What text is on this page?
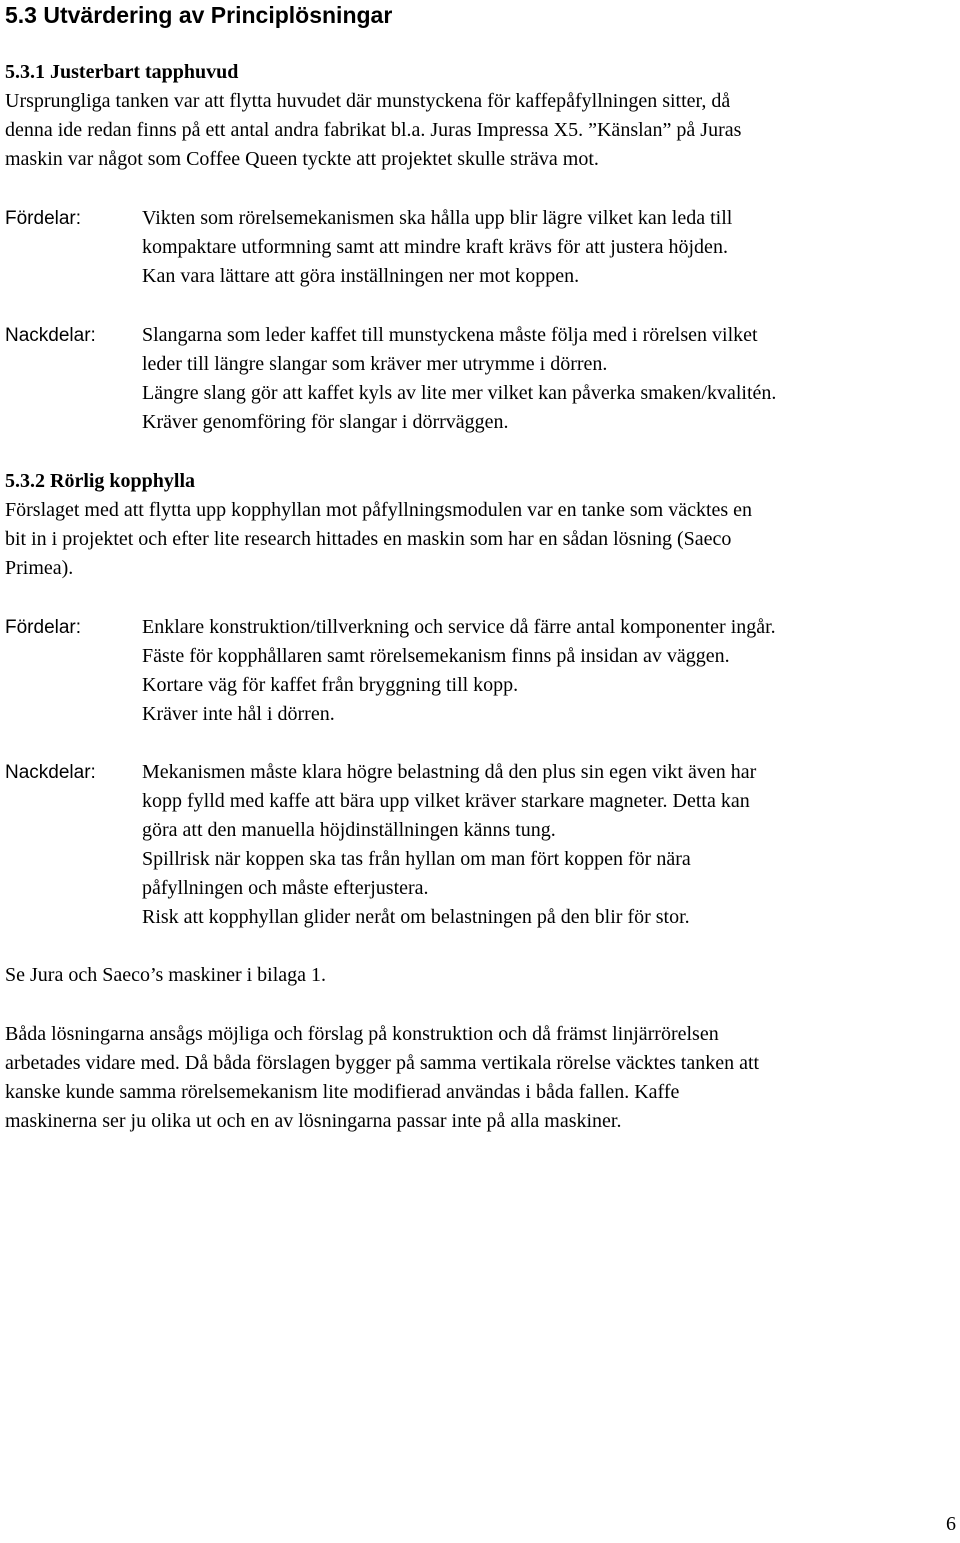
5.3 Utvärdering av Principlösningar
5.3.1 Justerbart tapphuvud
Ursprungliga tanken var att flytta huvudet där munstyckena för kaffepåfyllningen sitter, då
denna ide redan finns på ett antal andra fabrikat bl.a. Juras Impressa X5. ”Känslan” på Juras
maskin var något som Coffee Queen tyckte att projektet skulle sträva mot.
Fördelar:	Vikten som rörelsemekanismen ska hålla upp blir lägre vilket kan leda till
kompaktare utformning samt att mindre kraft krävs för att justera höjden.
Kan vara lättare att göra inställningen ner mot koppen.
Nackdelar:	Slangarna som leder kaffet till munstyckena måste följa med i rörelsen vilket
leder till längre slangar som kräver mer utrymme i dörren.
Längre slang gör att kaffet kyls av lite mer vilket kan påverka smaken/kvalitén.
Kräver genomföring för slangar i dörrväggen.
5.3.2 Rörlig kopphylla
Förslaget med att flytta upp kopphyllan mot påfyllningsmodulen var en tanke som väcktes en
bit in i projektet och efter lite research hittades en maskin som har en sådan lösning (Saeco
Primea).
Fördelar:	Enklare konstruktion/tillverkning och service då färre antal komponenter ingår.
Fäste för kopphållaren samt rörelsemekanism finns på insidan av väggen.
Kortare väg för kaffet från bryggning till kopp.
Kräver inte hål i dörren.
Nackdelar:	Mekanismen måste klara högre belastning då den plus sin egen vikt även har
kopp fylld med kaffe att bära upp vilket kräver starkare magneter. Detta kan
göra att den manuella höjdinställningen känns tung.
Spillrisk när koppen ska tas från hyllan om man fört koppen för nära
påfyllningen och måste efterjustera.
Risk att kopphyllan glider neråt om belastningen på den blir för stor.
Se Jura och Saeco’s maskiner i bilaga 1.
Båda lösningarna ansågs möjliga och förslag på konstruktion och då främst linjärrörelsen
arbetades vidare med. Då båda förslagen bygger på samma vertikala rörelse väcktes tanken att
kanske kunde samma rörelsemekanism lite modifierad användas i båda fallen. Kaffe
maskinerna ser ju olika ut och en av lösningarna passar inte på alla maskiner.
6
